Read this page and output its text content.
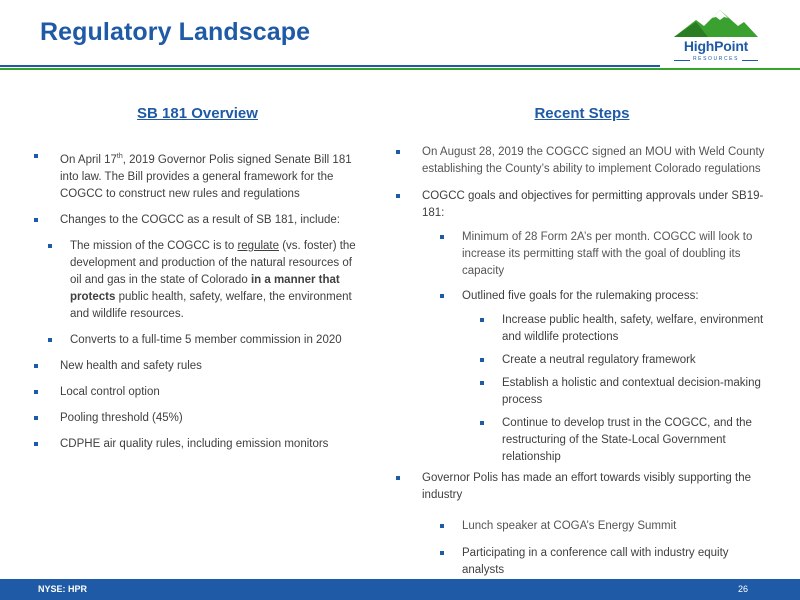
Regulatory Landscape	HighPoint
RESOURCES
SB 181 Overview
On April 17th, 2019 Governor Polis signed Senate Bill 181 into law. The Bill provides a general framework for the COGCC to construct new rules and regulations
Changes to the COGCC as a result of SB 181, include:
The mission of the COGCC is to regulate (vs. foster) the development and production of the natural resources of oil and gas in the state of Colorado in a manner that protects public health, safety, welfare, the environment and wildlife resources.
Converts to a full-time 5 member commission in 2020
New health and safety rules
Local control option
Pooling threshold (45%)
CDPHE air quality rules, including emission monitors
Recent Steps
On August 28, 2019 the COGCC signed an MOU with Weld County establishing the County’s ability to implement Colorado regulations
COGCC goals and objectives for permitting approvals under SB19-181:
Minimum of 28 Form 2A’s per month. COGCC will look to increase its permitting staff with the goal of doubling its capacity
Outlined five goals for the rulemaking process:
Increase public health, safety, welfare, environment and wildlife protections
Create a neutral regulatory framework
Establish a holistic and contextual decision-making process
Continue to develop trust in the COGCC, and the restructuring of the State-Local Government relationship
Governor Polis has made an effort towards visibly supporting the industry
Lunch speaker at COGA’s Energy Summit
Participating in a conference call with industry equity analysts
NYSE: HPR	26
